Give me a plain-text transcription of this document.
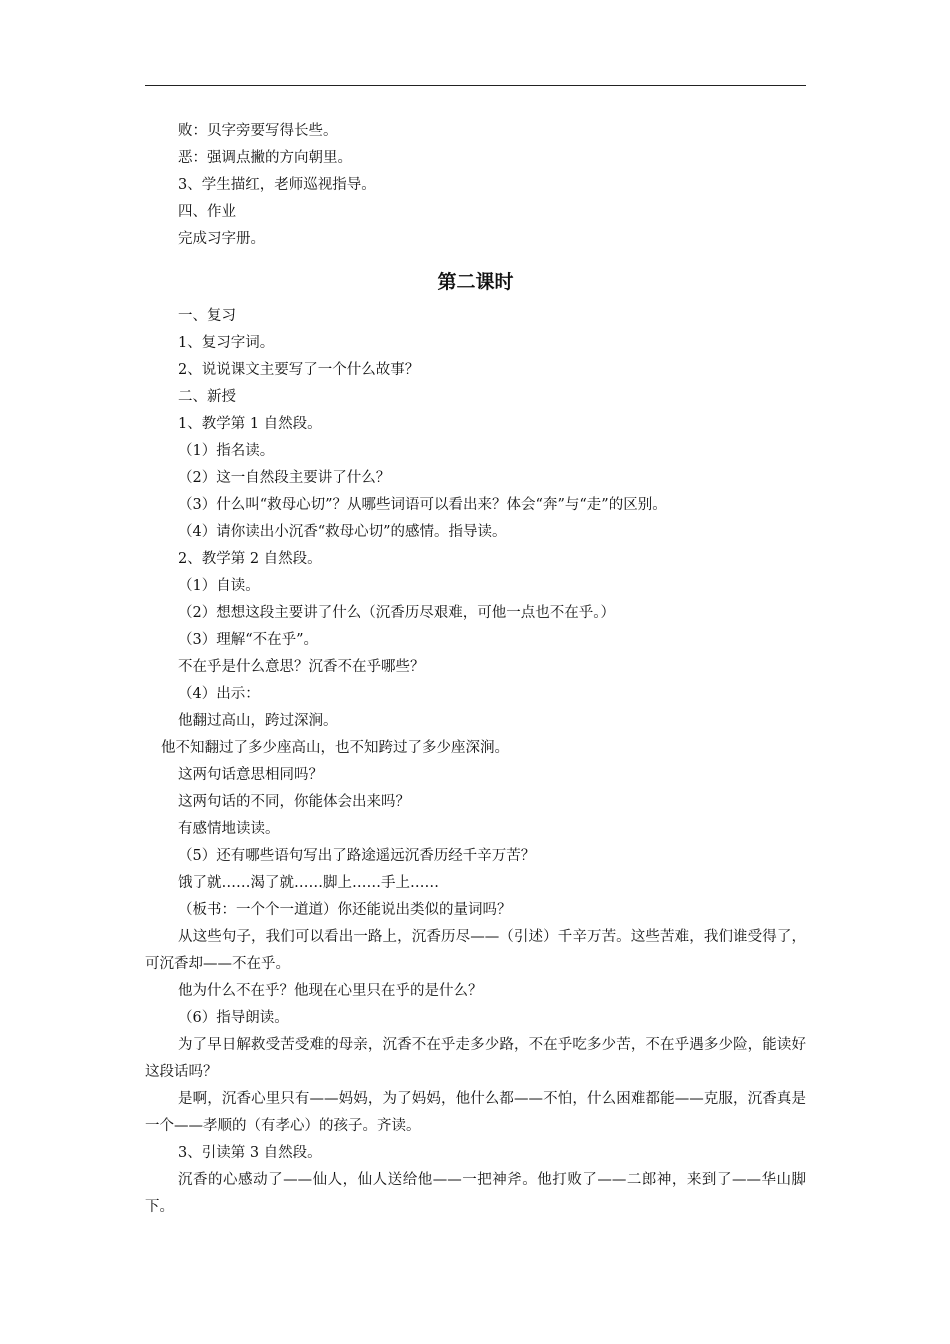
败：贝字旁要写得长些。

恶：强调点撇的方向朝里。

3、学生描红，老师巡视指导。

四、作业

完成习字册。

第二课时

一、复习

1、复习字词。

2、说说课文主要写了一个什么故事？

二、新授

1、教学第 1 自然段。

（1）指名读。

（2）这一自然段主要讲了什么？

（3）什么叫“救母心切”？从哪些词语可以看出来？体会“奔”与“走”的区别。

（4）请你读出小沉香“救母心切”的感情。指导读。

2、教学第 2 自然段。

（1）自读。

（2）想想这段主要讲了什么（沉香历尽艰难，可他一点也不在乎。）

（3）理解“不在乎”。

不在乎是什么意思？沉香不在乎哪些？

（4）出示：

他翻过高山，跨过深涧。

他不知翻过了多少座高山，也不知跨过了多少座深涧。

这两句话意思相同吗？

这两句话的不同，你能体会出来吗？

有感情地读读。

（5）还有哪些语句写出了路途遥远沉香历经千辛万苦？

饿了就……渴了就……脚上……手上……

（板书：一个个一道道）你还能说出类似的量词吗？

从这些句子，我们可以看出一路上，沉香历尽——（引述）千辛万苦。这些苦难，我们谁受得了，可沉香却——不在乎。

他为什么不在乎？他现在心里只在乎的是什么？

（6）指导朗读。

为了早日解救受苦受难的母亲，沉香不在乎走多少路，不在乎吃多少苦，不在乎遇多少险，能读好这段话吗？

是啊，沉香心里只有——妈妈，为了妈妈，他什么都——不怕，什么困难都能——克服，沉香真是一个——孝顺的（有孝心）的孩子。齐读。

3、引读第 3 自然段。

沉香的心感动了——仙人，仙人送给他——一把神斧。他打败了——二郎神，来到了——华山脚下。
